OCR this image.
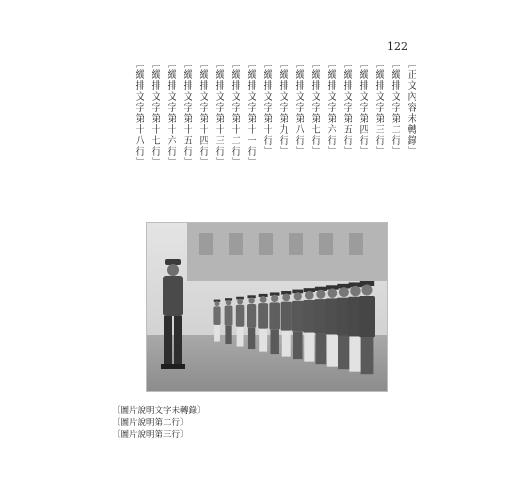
122
〔正文內容未轉錄〕
〔縱排文字第二行〕
〔縱排文字第三行〕
〔縱排文字第四行〕
〔縱排文字第五行〕
〔縱排文字第六行〕
〔縱排文字第七行〕
〔縱排文字第八行〕
〔縱排文字第九行〕
〔縱排文字第十行〕
〔縱排文字第十一行〕
〔縱排文字第十二行〕
〔縱排文字第十三行〕
〔縱排文字第十四行〕
〔縱排文字第十五行〕
〔縱排文字第十六行〕
〔縱排文字第十七行〕
〔縱排文字第十八行〕
〔圖片說明文字未轉錄〕
〔圖片說明第二行〕
〔圖片說明第三行〕
